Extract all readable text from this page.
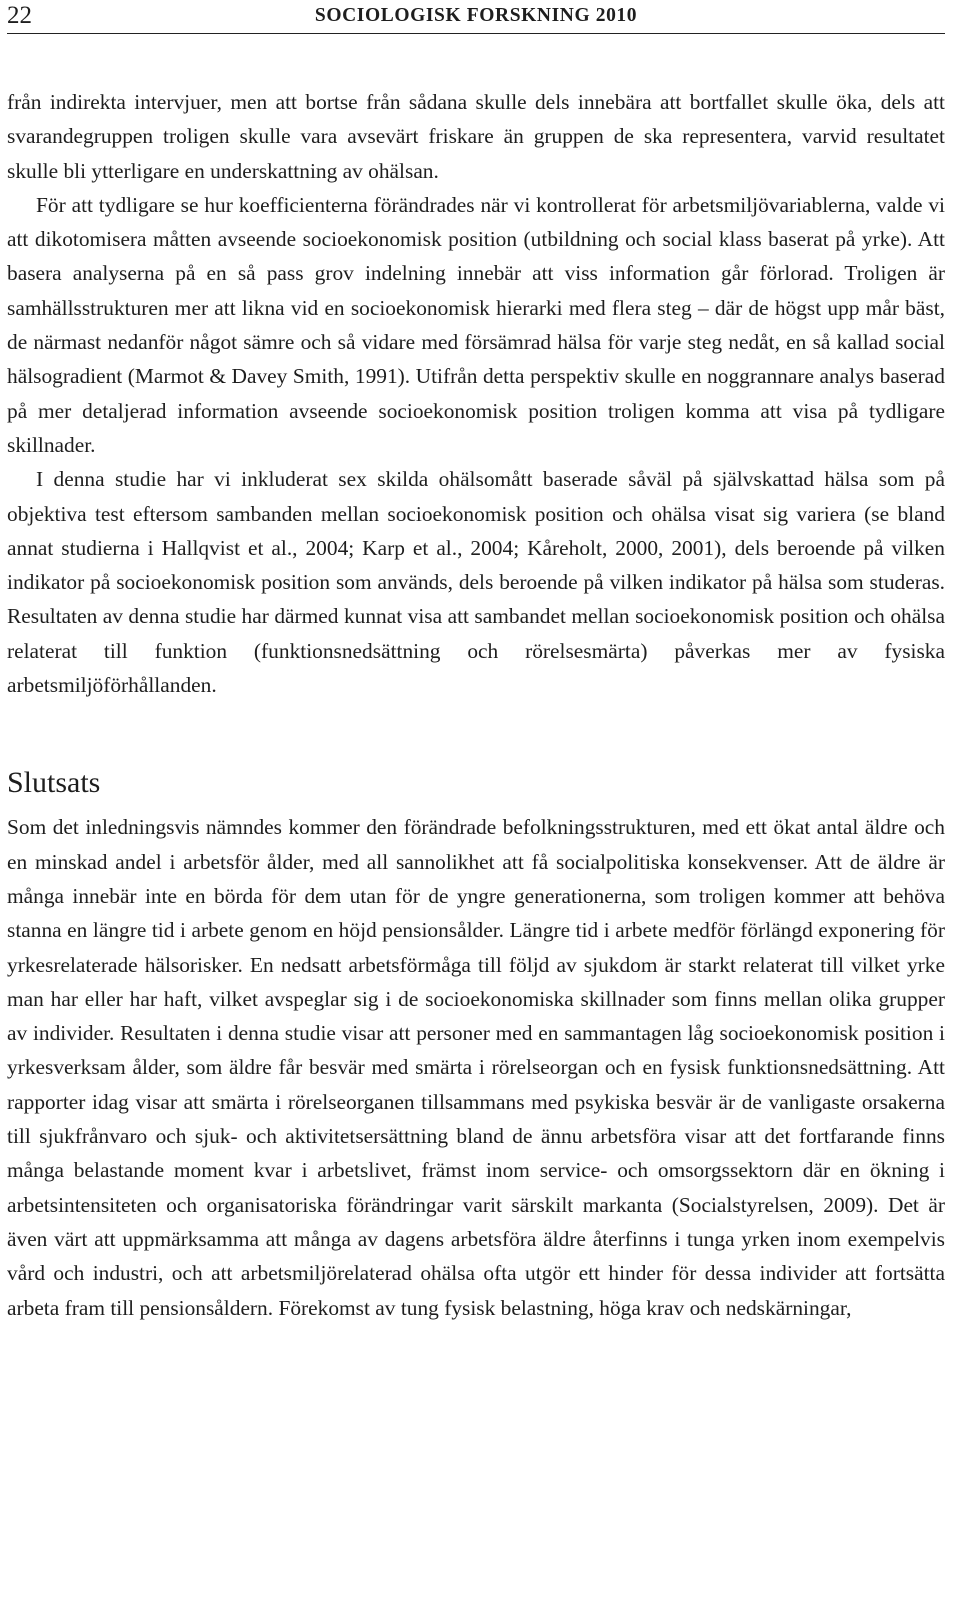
22	SOCIOLOGISK FORSKNING 2010

från indirekta intervjuer, men att bortse från sådana skulle dels innebära att bortfallet skulle öka, dels att svarandegruppen troligen skulle vara avsevärt friskare än gruppen de ska representera, varvid resultatet skulle bli ytterligare en underskattning av ohälsan.

För att tydligare se hur koefficienterna förändrades när vi kontrollerat för arbetsmiljövariablerna, valde vi att dikotomisera måtten avseende socioekonomisk position (utbildning och social klass baserat på yrke). Att basera analyserna på en så pass grov indelning innebär att viss information går förlorad. Troligen är samhällsstrukturen mer att likna vid en socioekonomisk hierarki med flera steg – där de högst upp mår bäst, de närmast nedanför något sämre och så vidare med försämrad hälsa för varje steg nedåt, en så kallad social hälsogradient (Marmot & Davey Smith, 1991). Utifrån detta perspektiv skulle en noggrannare analys baserad på mer detaljerad information avseende socioekonomisk position troligen komma att visa på tydligare skillnader.

I denna studie har vi inkluderat sex skilda ohälsomått baserade såväl på självskattad hälsa som på objektiva test eftersom sambanden mellan socioekonomisk position och ohälsa visat sig variera (se bland annat studierna i Hallqvist et al., 2004; Karp et al., 2004; Kåreholt, 2000, 2001), dels beroende på vilken indikator på socioekonomisk position som används, dels beroende på vilken indikator på hälsa som studeras. Resultaten av denna studie har därmed kunnat visa att sambandet mellan socioekonomisk position och ohälsa relaterat till funktion (funktionsnedsättning och rörelsesmärta) påverkas mer av fysiska arbetsmiljöförhållanden.

Slutsats

Som det inledningsvis nämndes kommer den förändrade befolkningsstrukturen, med ett ökat antal äldre och en minskad andel i arbetsför ålder, med all sannolikhet att få socialpolitiska konsekvenser. Att de äldre är många innebär inte en börda för dem utan för de yngre generationerna, som troligen kommer att behöva stanna en längre tid i arbete genom en höjd pensionsålder. Längre tid i arbete medför förlängd exponering för yrkesrelaterade hälsorisker. En nedsatt arbetsförmåga till följd av sjukdom är starkt relaterat till vilket yrke man har eller har haft, vilket avspeglar sig i de socioekonomiska skillnader som finns mellan olika grupper av individer. Resultaten i denna studie visar att personer med en sammantagen låg socioekonomisk position i yrkesverksam ålder, som äldre får besvär med smärta i rörelseorgan och en fysisk funktionsnedsättning. Att rapporter idag visar att smärta i rörelseorganen tillsammans med psykiska besvär är de vanligaste orsakerna till sjukfrånvaro och sjuk- och aktivitetsersättning bland de ännu arbetsföra visar att det fortfarande finns många belastande moment kvar i arbetslivet, främst inom service- och omsorgssektorn där en ökning i arbetsintensiteten och organisatoriska förändringar varit särskilt markanta (Socialstyrelsen, 2009). Det är även värt att uppmärksamma att många av dagens arbetsföra äldre återfinns i tunga yrken inom exempelvis vård och industri, och att arbetsmiljörelaterad ohälsa ofta utgör ett hinder för dessa individer att fortsätta arbeta fram till pensionsåldern. Förekomst av tung fysisk belastning, höga krav och nedskärningar,
